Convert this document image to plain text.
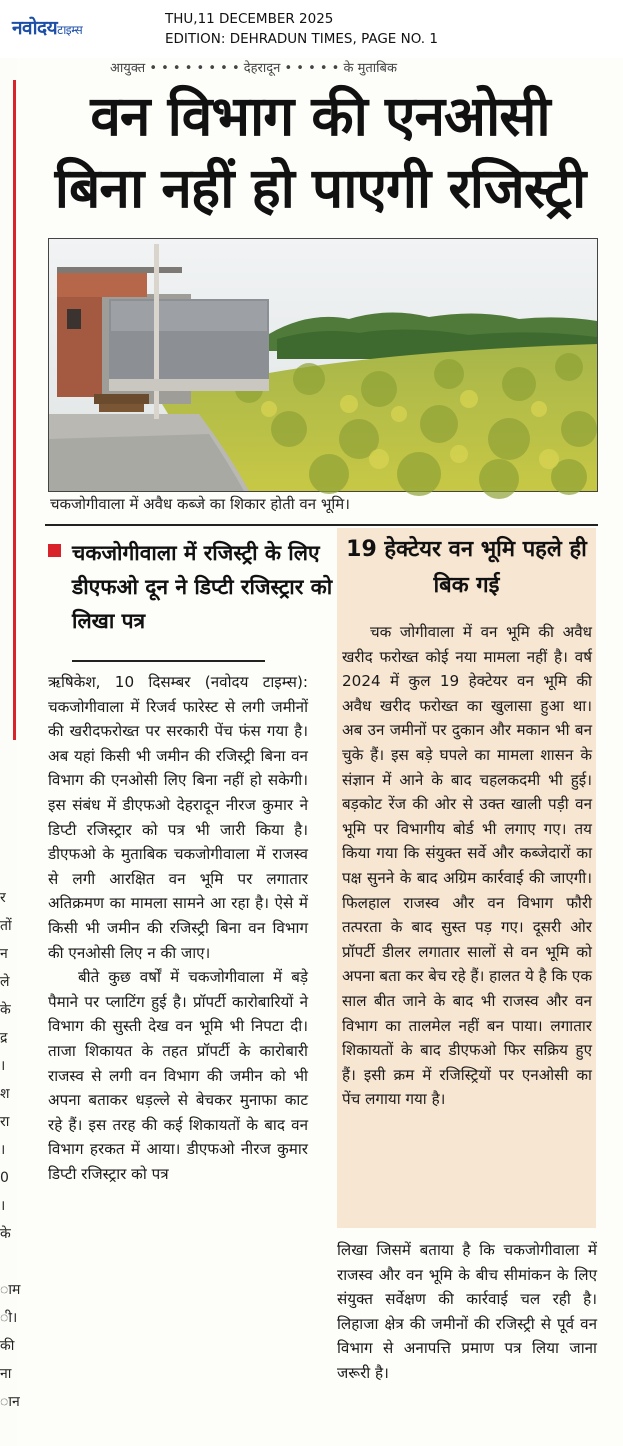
नवोदयटाइम्स
THU,11 DECEMBER 2025
EDITION: DEHRADUN TIMES, PAGE NO. 1
र
तों
न
ले
के
द्र
।
श
रा
।
0
।
के
ाम
ी।
की
ना
ान
आयुक्त • • • • • • • • देहरादून • • • • • के मुताबिक
वन विभाग की एनओसी
बिना नहीं हो पाएगी रजिस्ट्री
चकजोगीवाला में अवैध कब्जे का शिकार होती वन भूमि।
चकजोगीवाला में रजिस्ट्री के लिए डीएफओ दून ने डिप्टी रजिस्ट्रार को लिखा पत्र

ऋषिकेश, 10 दिसम्बर (नवोदय टाइम्स): चकजोगीवाला में रिजर्व फारेस्ट से लगी जमीनों की खरीदफरोख्त पर सरकारी पेंच फंस गया है। अब यहां किसी भी जमीन की रजिस्ट्री बिना वन विभाग की एनओसी लिए बिना नहीं हो सकेगी। इस संबंध में डीएफओ देहरादून नीरज कुमार ने डिप्टी रजिस्ट्रार को पत्र भी जारी किया है। डीएफओ के मुताबिक चकजोगीवाला में राजस्व से लगी आरक्षित वन भूमि पर लगातार अतिक्रमण का मामला सामने आ रहा है। ऐसे में किसी भी जमीन की रजिस्ट्री बिना वन विभाग की एनओसी लिए न की जाए।

बीते कुछ वर्षों में चकजोगीवाला में बड़े पैमाने पर प्लाटिंग हुई है। प्रॉपर्टी कारोबारियों ने विभाग की सुस्ती देख वन भूमि भी निपटा दी। ताजा शिकायत के तहत प्रॉपर्टी के कारोबारी राजस्व से लगी वन विभाग की जमीन को भी अपना बताकर धड़ल्ले से बेचकर मुनाफा काट रहे हैं। इस तरह की कई शिकायतों के बाद वन विभाग हरकत में आया। डीएफओ नीरज कुमार डिप्टी रजिस्ट्रार को पत्र

19 हेक्टेयर वन भूमि पहले ही बिक गई

चक जोगीवाला में वन भूमि की अवैध खरीद फरोख्त कोई नया मामला नहीं है। वर्ष 2024 में कुल 19 हेक्टेयर वन भूमि की अवैध खरीद फरोख्त का खुलासा हुआ था। अब उन जमीनों पर दुकान और मकान भी बन चुके हैं। इस बड़े घपले का मामला शासन के संज्ञान में आने के बाद चहलकदमी भी हुई। बड़कोट रेंज की ओर से उक्त खाली पड़ी वन भूमि पर विभागीय बोर्ड भी लगाए गए। तय किया गया कि संयुक्त सर्वे और कब्जेदारों का पक्ष सुनने के बाद अग्रिम कार्रवाई की जाएगी। फिलहाल राजस्व और वन विभाग फौरी तत्परता के बाद सुस्त पड़ गए। दूसरी ओर प्रॉपर्टी डीलर लगातार सालों से वन भूमि को अपना बता कर बेच रहे हैं। हालत ये है कि एक साल बीत जाने के बाद भी राजस्व और वन विभाग का तालमेल नहीं बन पाया। लगातार शिकायतों के बाद डीएफओ फिर सक्रिय हुए हैं। इसी क्रम में रजिस्ट्रियों पर एनओसी का पेंच लगाया गया है।

लिखा जिसमें बताया है कि चकजोगीवाला में राजस्व और वन भूमि के बीच सीमांकन के लिए संयुक्त सर्वेक्षण की कार्रवाई चल रही है। लिहाजा क्षेत्र की जमीनों की रजिस्ट्री से पूर्व वन विभाग से अनापत्ति प्रमाण पत्र लिया जाना जरूरी है।
